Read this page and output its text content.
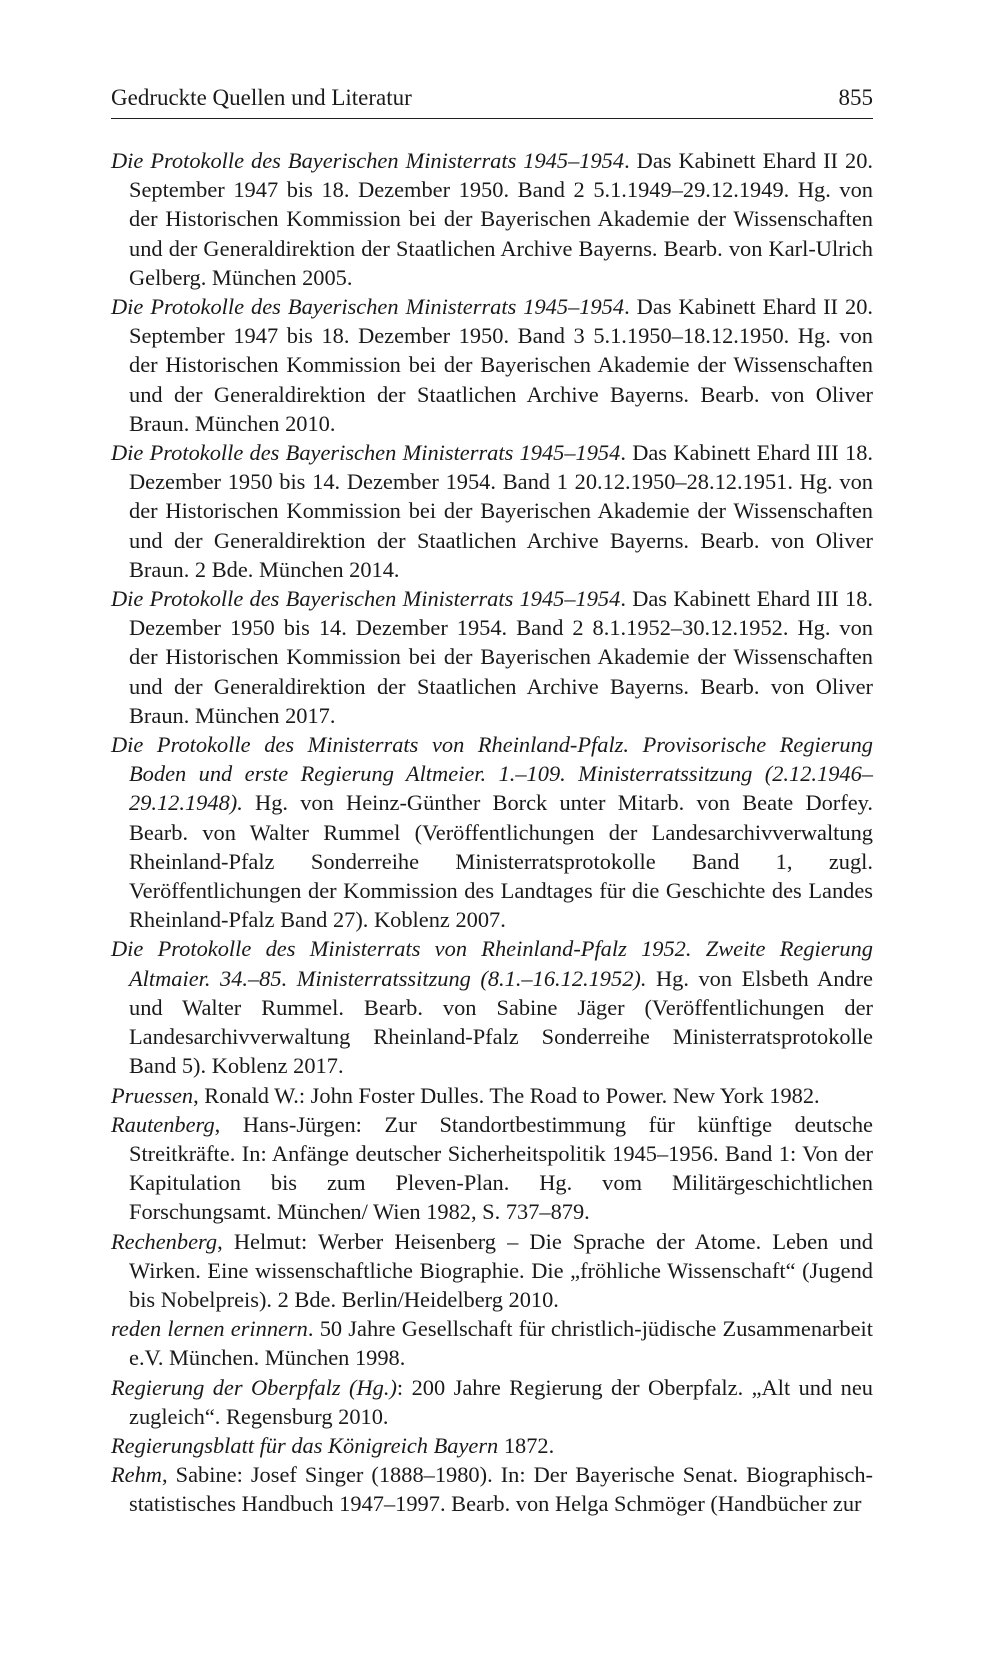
Gedruckte Quellen und Literatur	855

Die Protokolle des Bayerischen Ministerrats 1945–1954. Das Kabinett Ehard II 20. September 1947 bis 18. Dezember 1950. Band 2 5.1.1949–29.12.1949. Hg. von der Historischen Kommission bei der Bayerischen Akademie der Wissenschaften und der Generaldirektion der Staatlichen Archive Bayerns. Bearb. von Karl-Ulrich Gelberg. München 2005.

Die Protokolle des Bayerischen Ministerrats 1945–1954. Das Kabinett Ehard II 20. September 1947 bis 18. Dezember 1950. Band 3 5.1.1950–18.12.1950. Hg. von der Historischen Kommission bei der Bayerischen Akademie der Wissenschaften und der Generaldirektion der Staatlichen Archive Bayerns. Bearb. von Oliver Braun. München 2010.

Die Protokolle des Bayerischen Ministerrats 1945–1954. Das Kabinett Ehard III 18. Dezember 1950 bis 14. Dezember 1954. Band 1 20.12.1950–28.12.1951. Hg. von der Historischen Kommission bei der Bayerischen Akademie der Wissenschaften und der Generaldirektion der Staatlichen Archive Bayerns. Bearb. von Oliver Braun. 2 Bde. München 2014.

Die Protokolle des Bayerischen Ministerrats 1945–1954. Das Kabinett Ehard III 18. Dezember 1950 bis 14. Dezember 1954. Band 2 8.1.1952–30.12.1952. Hg. von der Historischen Kommission bei der Bayerischen Akademie der Wissenschaften und der Generaldirektion der Staatlichen Archive Bayerns. Bearb. von Oliver Braun. München 2017.

Die Protokolle des Ministerrats von Rheinland-Pfalz. Provisorische Regierung Boden und erste Regierung Altmeier. 1.–109. Ministerratssitzung (2.12.1946–29.12.1948). Hg. von Heinz-Günther Borck unter Mitarb. von Beate Dorfey. Bearb. von Walter Rummel (Veröffentlichungen der Landesarchivverwaltung Rheinland-Pfalz Sonderreihe Ministerratsprotokolle Band 1, zugl. Veröffentlichungen der Kommission des Landtages für die Geschichte des Landes Rheinland-Pfalz Band 27). Koblenz 2007.

Die Protokolle des Ministerrats von Rheinland-Pfalz 1952. Zweite Regierung Altmaier. 34.–85. Ministerratssitzung (8.1.–16.12.1952). Hg. von Elsbeth Andre und Walter Rummel. Bearb. von Sabine Jäger (Veröffentlichungen der Landesarchivverwaltung Rheinland-Pfalz Sonderreihe Ministerratsprotokolle Band 5). Koblenz 2017.

Pruessen, Ronald W.: John Foster Dulles. The Road to Power. New York 1982.

Rautenberg, Hans-Jürgen: Zur Standortbestimmung für künftige deutsche Streitkräfte. In: Anfänge deutscher Sicherheitspolitik 1945–1956. Band 1: Von der Kapitulation bis zum Pleven-Plan. Hg. vom Militärgeschichtlichen Forschungsamt. München/ Wien 1982, S. 737–879.

Rechenberg, Helmut: Werber Heisenberg – Die Sprache der Atome. Leben und Wirken. Eine wissenschaftliche Biographie. Die „fröhliche Wissenschaft“ (Jugend bis Nobelpreis). 2 Bde. Berlin/Heidelberg 2010.

reden lernen erinnern. 50 Jahre Gesellschaft für christlich-jüdische Zusammenarbeit e.V. München. München 1998.

Regierung der Oberpfalz (Hg.): 200 Jahre Regierung der Oberpfalz. „Alt und neu zugleich“. Regensburg 2010.

Regierungsblatt für das Königreich Bayern 1872.

Rehm, Sabine: Josef Singer (1888–1980). In: Der Bayerische Senat. Biographisch-statistisches Handbuch 1947–1997. Bearb. von Helga Schmöger (Handbücher zur
